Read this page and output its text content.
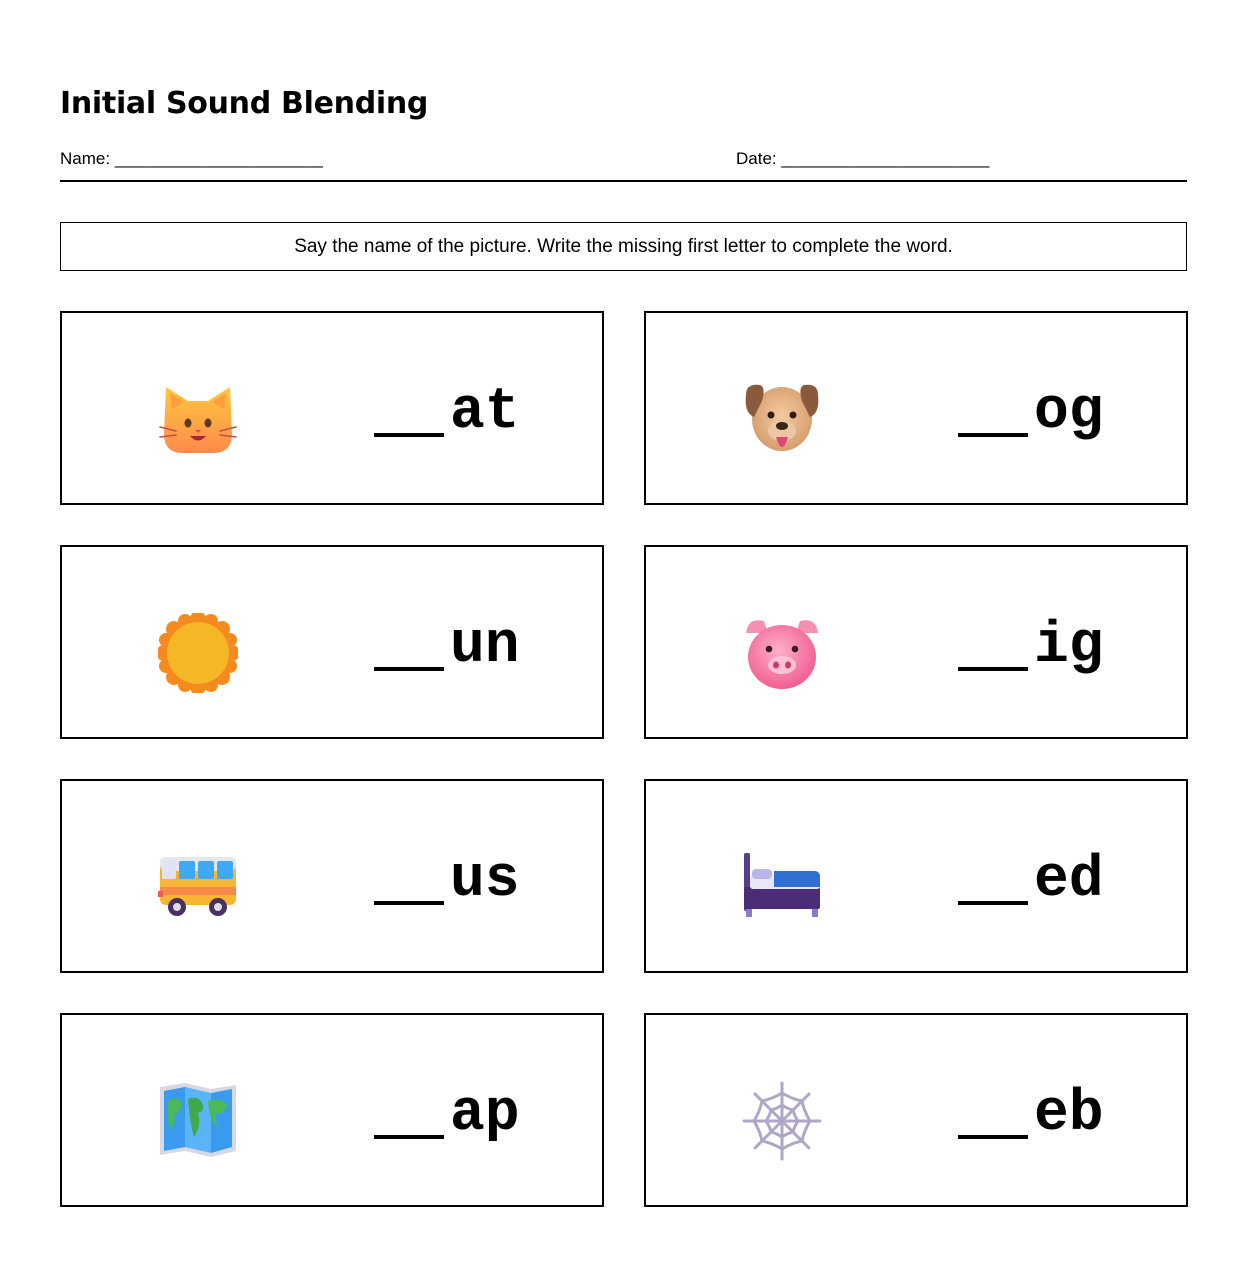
Initial Sound Blending
Name: ______________________	Date: ______________________
Say the name of the picture. Write the missing first letter to complete the word.
at	og
un	ig
us	ed
ap	eb
